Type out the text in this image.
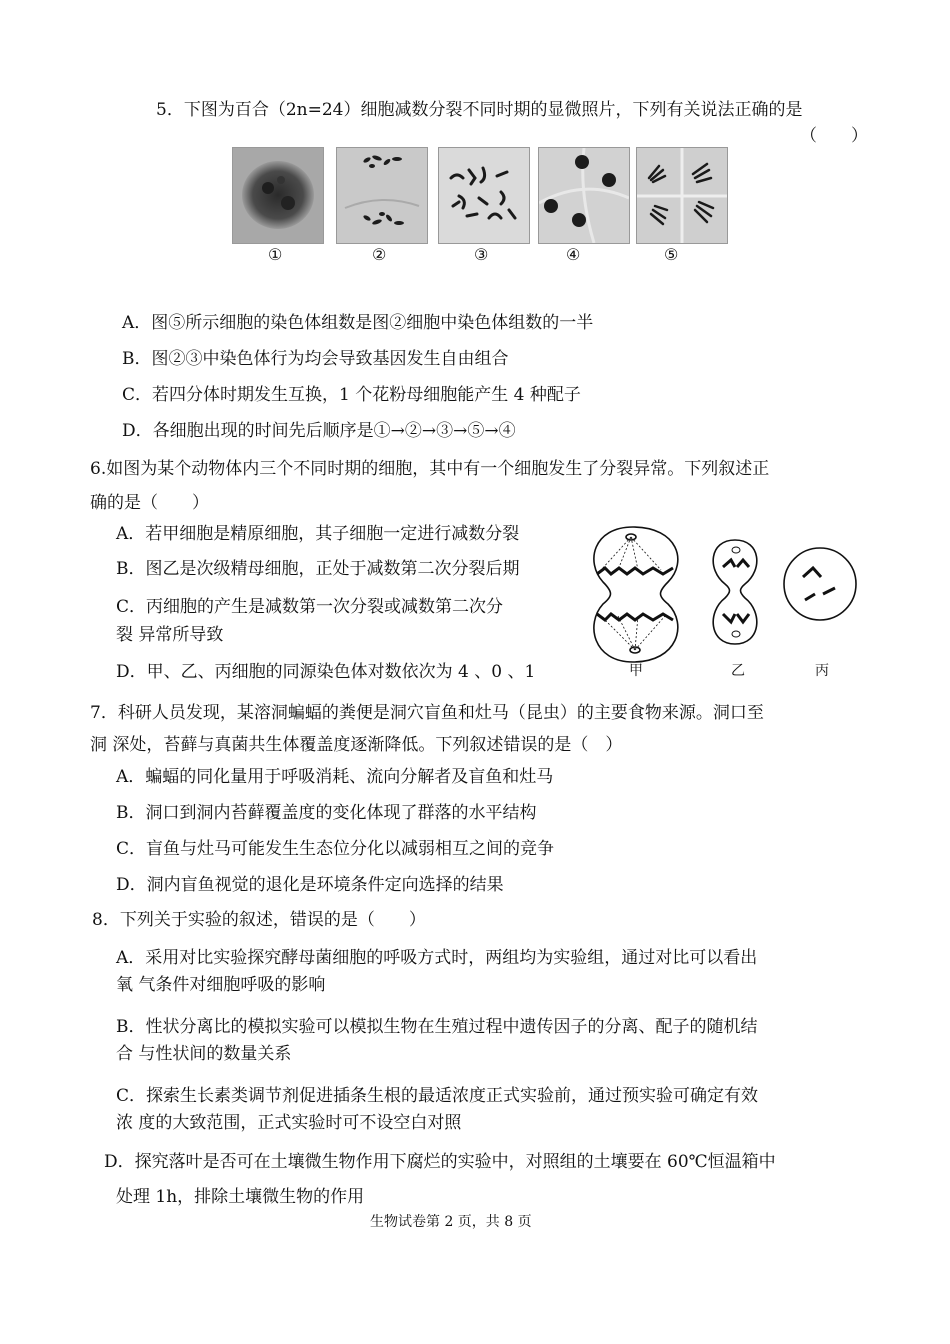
5．下图为百合（2n=24）细胞减数分裂不同时期的显微照片，下列有关说法正确的是
（　　）
①	②	③	④	⑤
A．图⑤所示细胞的染色体组数是图②细胞中染色体组数的一半
B．图②③中染色体行为均会导致基因发生自由组合
C．若四分体时期发生互换，1 个花粉母细胞能产生 4 种配子
D．各细胞出现的时间先后顺序是①→②→③→⑤→④
6.如图为某个动物体内三个不同时期的细胞，其中有一个细胞发生了分裂异常。下列叙述正
确的是（　　）
A．若甲细胞是精原细胞，其子细胞一定进行减数分裂
B．图乙是次级精母细胞，正处于减数第二次分裂后期
C．丙细胞的产生是减数第一次分裂或减数第二次分
裂 异常所导致
D．甲、乙、丙细胞的同源染色体对数依次为 4 、0 、1	甲	乙	丙
7．科研人员发现，某溶洞蝙蝠的粪便是洞穴盲鱼和灶马（昆虫）的主要食物来源。洞口至
洞 深处，苔藓与真菌共生体覆盖度逐渐降低。下列叙述错误的是（　）
A．蝙蝠的同化量用于呼吸消耗、流向分解者及盲鱼和灶马
B．洞口到洞内苔藓覆盖度的变化体现了群落的水平结构
C．盲鱼与灶马可能发生生态位分化以减弱相互之间的竞争
D．洞内盲鱼视觉的退化是环境条件定向选择的结果
8．下列关于实验的叙述，错误的是（　　）
A．采用对比实验探究酵母菌细胞的呼吸方式时，两组均为实验组，通过对比可以看出
氧 气条件对细胞呼吸的影响
B．性状分离比的模拟实验可以模拟生物在生殖过程中遗传因子的分离、配子的随机结
合 与性状间的数量关系
C．探索生长素类调节剂促进插条生根的最适浓度正式实验前，通过预实验可确定有效
浓 度的大致范围，正式实验时可不设空白对照
D．探究落叶是否可在土壤微生物作用下腐烂的实验中，对照组的土壤要在 60℃恒温箱中
处理 1h，排除土壤微生物的作用
生物试卷第 2 页，共 8 页
